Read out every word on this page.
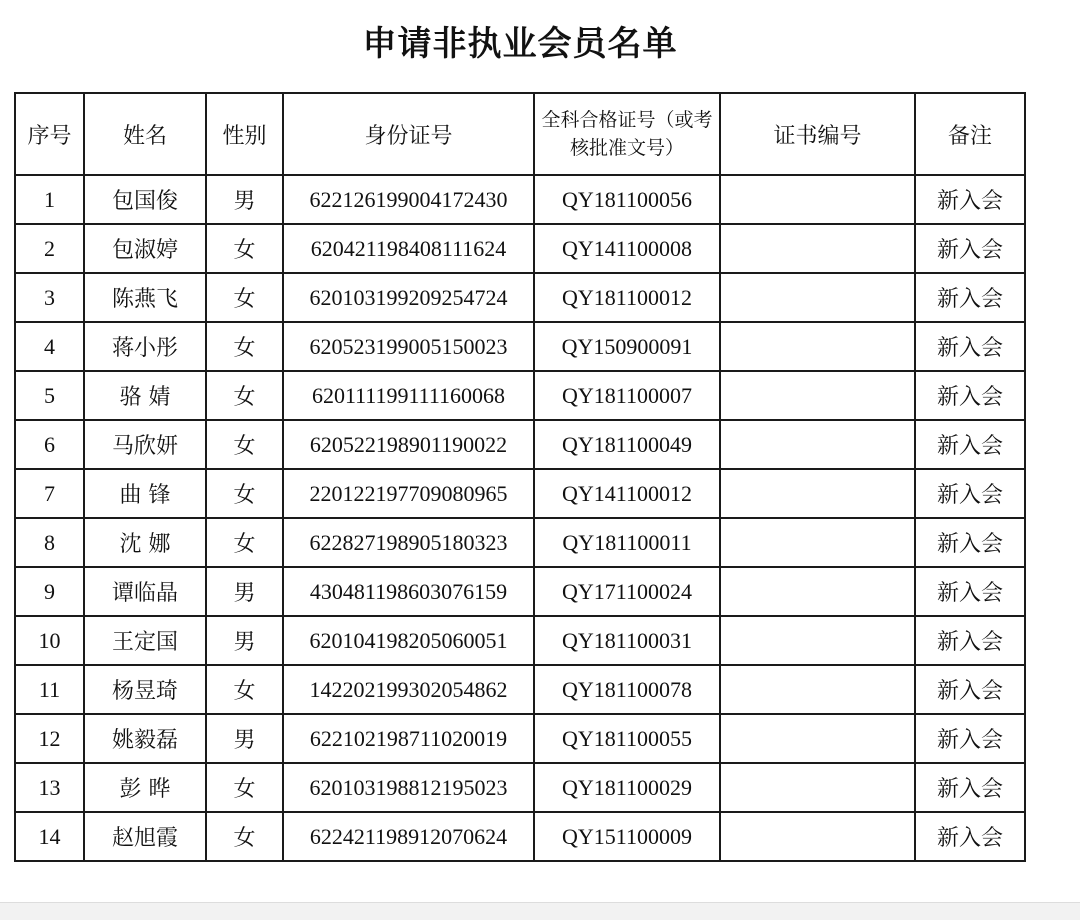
申请非执业会员名单
序号	姓名	性别	身份证号	全科合格证号（或考
核批准文号）	证书编号	备注
1	包国俊	男	622126199004172430	QY181100056		新入会
2	包淑婷	女	620421198408111624	QY141100008		新入会
3	陈燕飞	女	620103199209254724	QY181100012		新入会
4	蒋小彤	女	620523199005150023	QY150900091		新入会
5	骆 婧	女	620111199111160068	QY181100007		新入会
6	马欣妍	女	620522198901190022	QY181100049		新入会
7	曲 锋	女	220122197709080965	QY141100012		新入会
8	沈 娜	女	622827198905180323	QY181100011		新入会
9	谭临晶	男	430481198603076159	QY171100024		新入会
10	王定国	男	620104198205060051	QY181100031		新入会
11	杨昱琦	女	142202199302054862	QY181100078		新入会
12	姚毅磊	男	622102198711020019	QY181100055		新入会
13	彭 晔	女	620103198812195023	QY181100029		新入会
14	赵旭霞	女	622421198912070624	QY151100009		新入会
